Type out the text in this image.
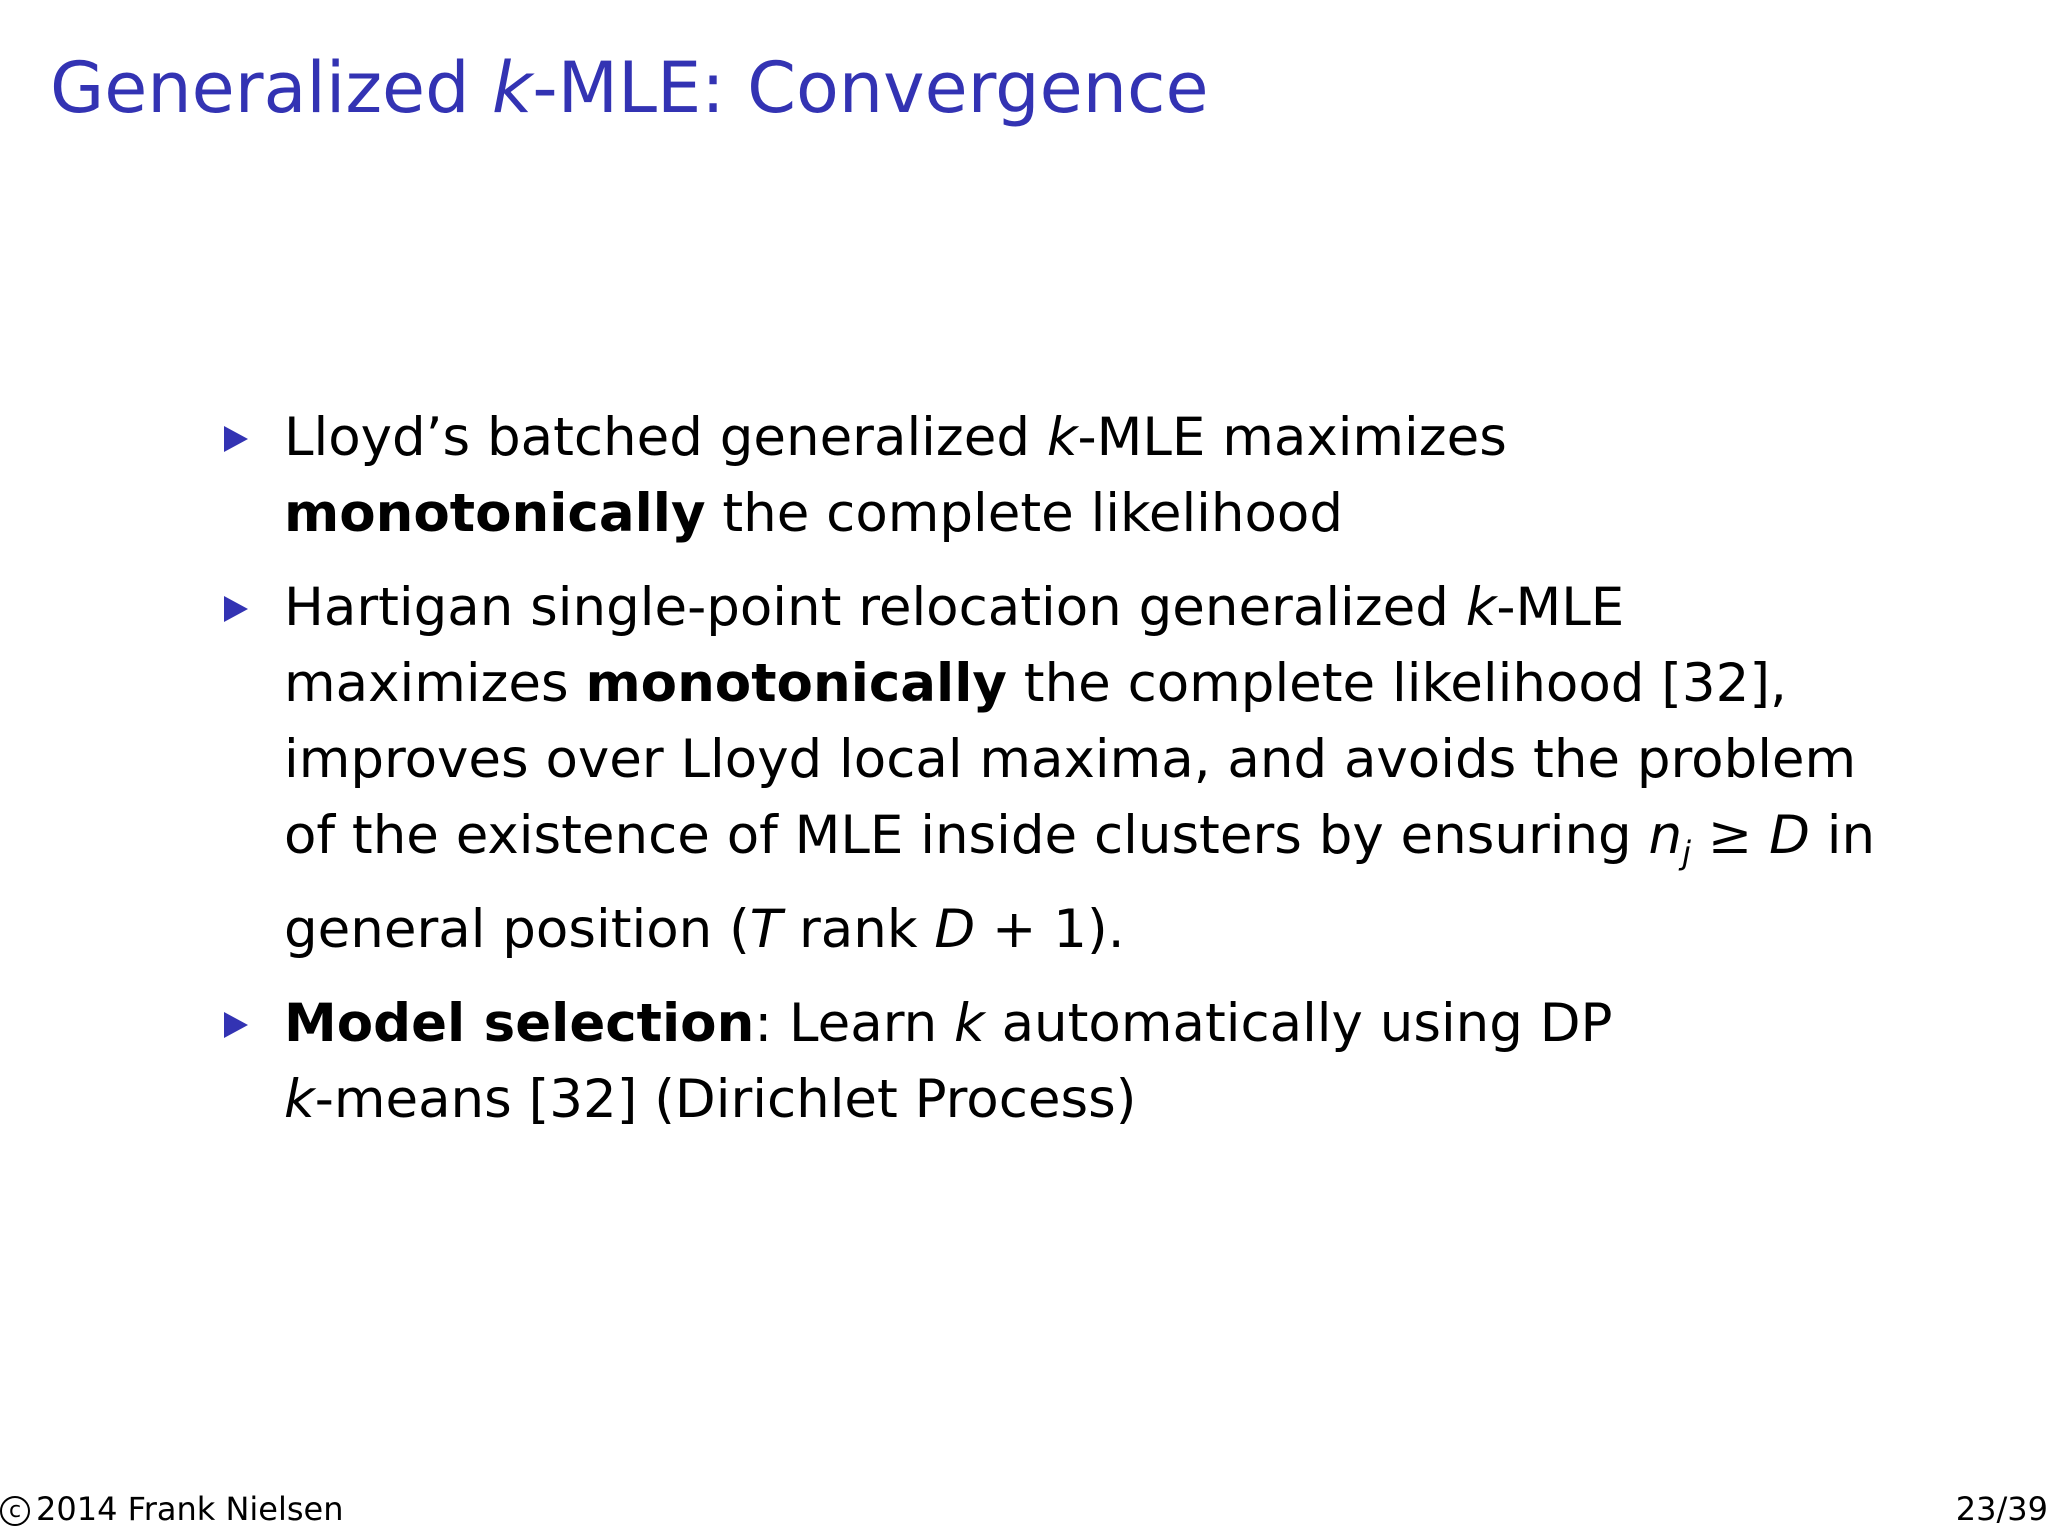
Generalized k-MLE: Convergence
Lloyd’s batched generalized k-MLE maximizes monotonically the complete likelihood
Hartigan single-point relocation generalized k-MLE maximizes monotonically the complete likelihood [32], improves over Lloyd local maxima, and avoids the problem of the existence of MLE inside clusters by ensuring $n_j \ge D$ in general position (T rank D + 1).
Model selection: Learn k automatically using DP
k-means [32] (Dirichlet Process)
c 2014 Frank Nielsen	23/39
